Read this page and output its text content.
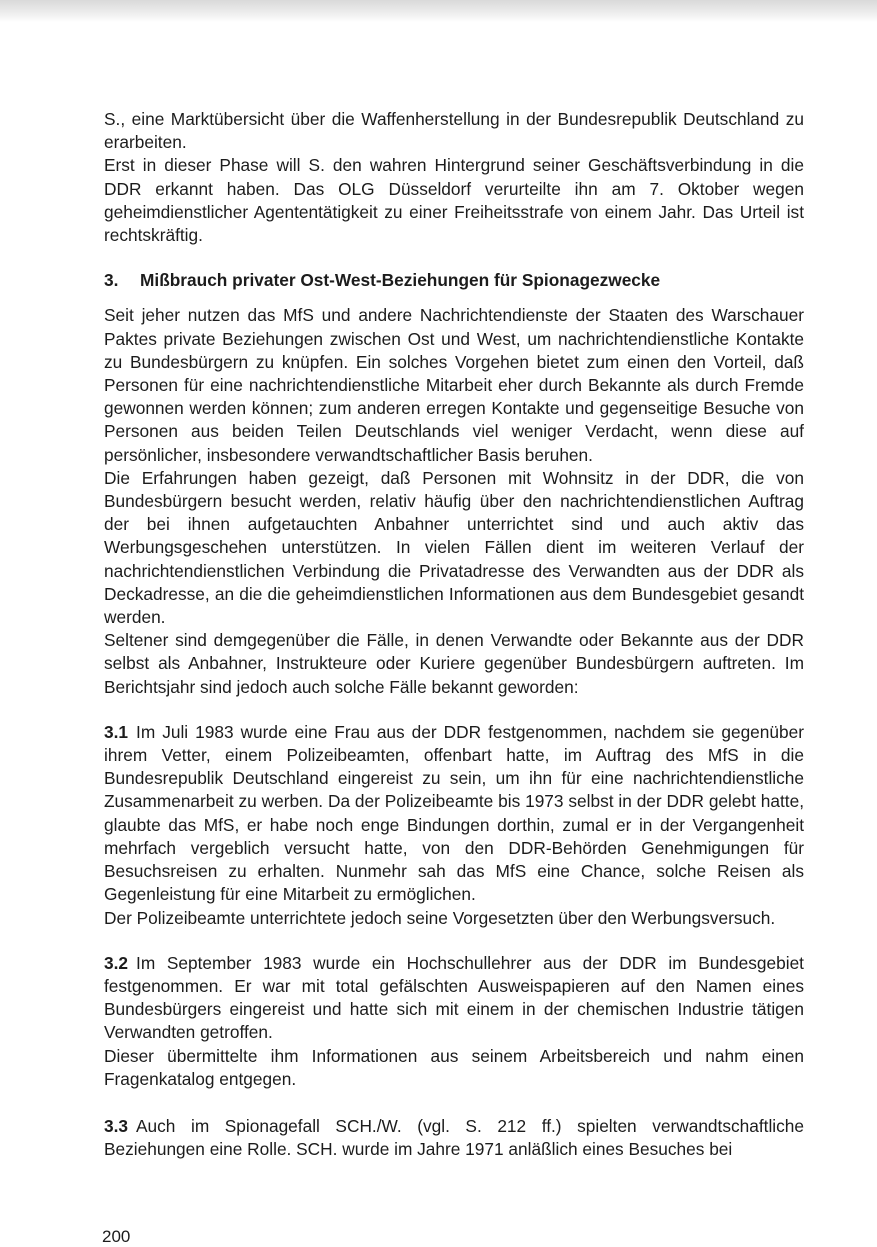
S., eine Marktübersicht über die Waffenherstellung in der Bundesrepublik Deutschland zu erarbeiten.

Erst in dieser Phase will S. den wahren Hintergrund seiner Geschäftsverbindung in die DDR erkannt haben. Das OLG Düsseldorf verurteilte ihn am 7. Oktober wegen geheimdienstlicher Agententätigkeit zu einer Freiheitsstrafe von einem Jahr. Das Urteil ist rechtskräftig.

3. Mißbrauch privater Ost-West-Beziehungen für Spionagezwecke

Seit jeher nutzen das MfS und andere Nachrichtendienste der Staaten des Warschauer Paktes private Beziehungen zwischen Ost und West, um nachrichtendienstliche Kontakte zu Bundesbürgern zu knüpfen. Ein solches Vorgehen bietet zum einen den Vorteil, daß Personen für eine nachrichtendienstliche Mitarbeit eher durch Bekannte als durch Fremde gewonnen werden können; zum anderen erregen Kontakte und gegenseitige Besuche von Personen aus beiden Teilen Deutschlands viel weniger Verdacht, wenn diese auf persönlicher, insbesondere verwandtschaftlicher Basis beruhen.

Die Erfahrungen haben gezeigt, daß Personen mit Wohnsitz in der DDR, die von Bundesbürgern besucht werden, relativ häufig über den nachrichtendienstlichen Auftrag der bei ihnen aufgetauchten Anbahner unterrichtet sind und auch aktiv das Werbungsgeschehen unterstützen. In vielen Fällen dient im weiteren Verlauf der nachrichtendienstlichen Verbindung die Privatadresse des Verwandten aus der DDR als Deckadresse, an die die geheimdienstlichen Informationen aus dem Bundesgebiet gesandt werden.

Seltener sind demgegenüber die Fälle, in denen Verwandte oder Bekannte aus der DDR selbst als Anbahner, Instrukteure oder Kuriere gegenüber Bundesbürgern auftreten. Im Berichtsjahr sind jedoch auch solche Fälle bekannt geworden:

3.1 Im Juli 1983 wurde eine Frau aus der DDR festgenommen, nachdem sie gegenüber ihrem Vetter, einem Polizeibeamten, offenbart hatte, im Auftrag des MfS in die Bundesrepublik Deutschland eingereist zu sein, um ihn für eine nachrichtendienstliche Zusammenarbeit zu werben. Da der Polizeibeamte bis 1973 selbst in der DDR gelebt hatte, glaubte das MfS, er habe noch enge Bindungen dorthin, zumal er in der Vergangenheit mehrfach vergeblich versucht hatte, von den DDR-Behörden Genehmigungen für Besuchsreisen zu erhalten. Nunmehr sah das MfS eine Chance, solche Reisen als Gegenleistung für eine Mitarbeit zu ermöglichen.

Der Polizeibeamte unterrichtete jedoch seine Vorgesetzten über den Werbungsversuch.

3.2 Im September 1983 wurde ein Hochschullehrer aus der DDR im Bundesgebiet festgenommen. Er war mit total gefälschten Ausweispapieren auf den Namen eines Bundesbürgers eingereist und hatte sich mit einem in der chemischen Industrie tätigen Verwandten getroffen.

Dieser übermittelte ihm Informationen aus seinem Arbeitsbereich und nahm einen Fragenkatalog entgegen.

3.3 Auch im Spionagefall SCH./W. (vgl. S. 212 ff.) spielten verwandtschaftliche Beziehungen eine Rolle. SCH. wurde im Jahre 1971 anläßlich eines Besuches bei

200
